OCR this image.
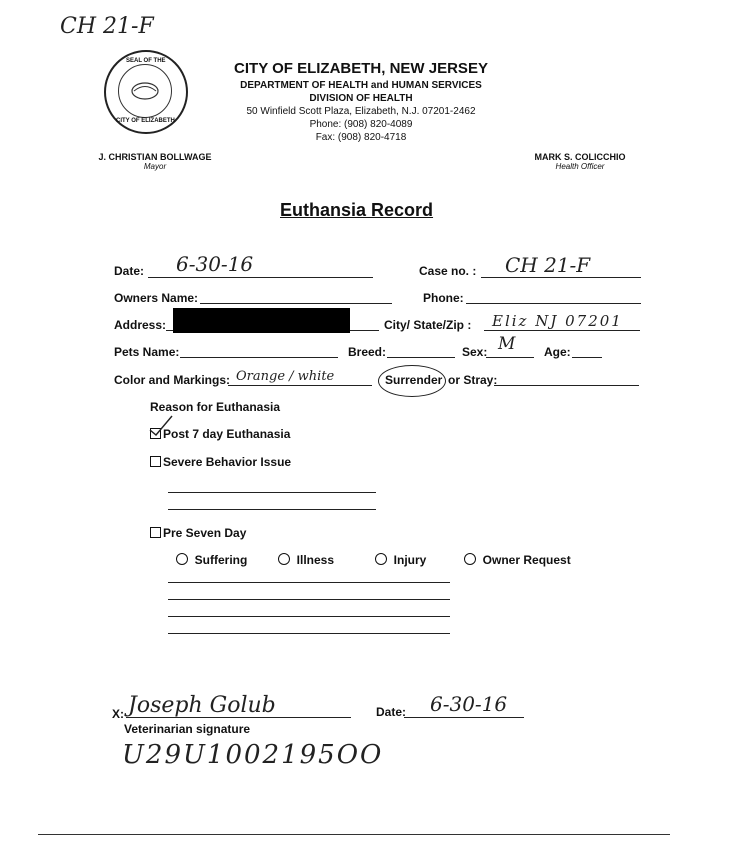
CH 21-F
SEAL OF THE
CITY OF ELIZABETH
CITY OF ELIZABETH, NEW JERSEY
DEPARTMENT OF HEALTH and HUMAN SERVICES
DIVISION OF HEALTH
50 Winfield Scott Plaza, Elizabeth, N.J. 07201-2462
Phone: (908) 820-4089
Fax: (908) 820-4718
J. CHRISTIAN BOLLWAGE
Mayor
MARK S. COLICCHIO
Health Officer
Euthansia Record
Date: 6-30-16	Case no. : CH 21-F
Owners Name:	Phone:
Address:	City/ State/Zip : Eliz NJ 07201
Pets Name:	Breed:	Sex: M Age:
Color and Markings: Orange / white	Surrender or Stray:
Reason for Euthanasia
Post 7 day Euthanasia
Severe Behavior Issue
Pre Seven Day
Suffering	Illness	Injury	Owner Request
X: Joseph Golub
Veterinarian signature
Date: 6-30-16
U29U1002195OO
